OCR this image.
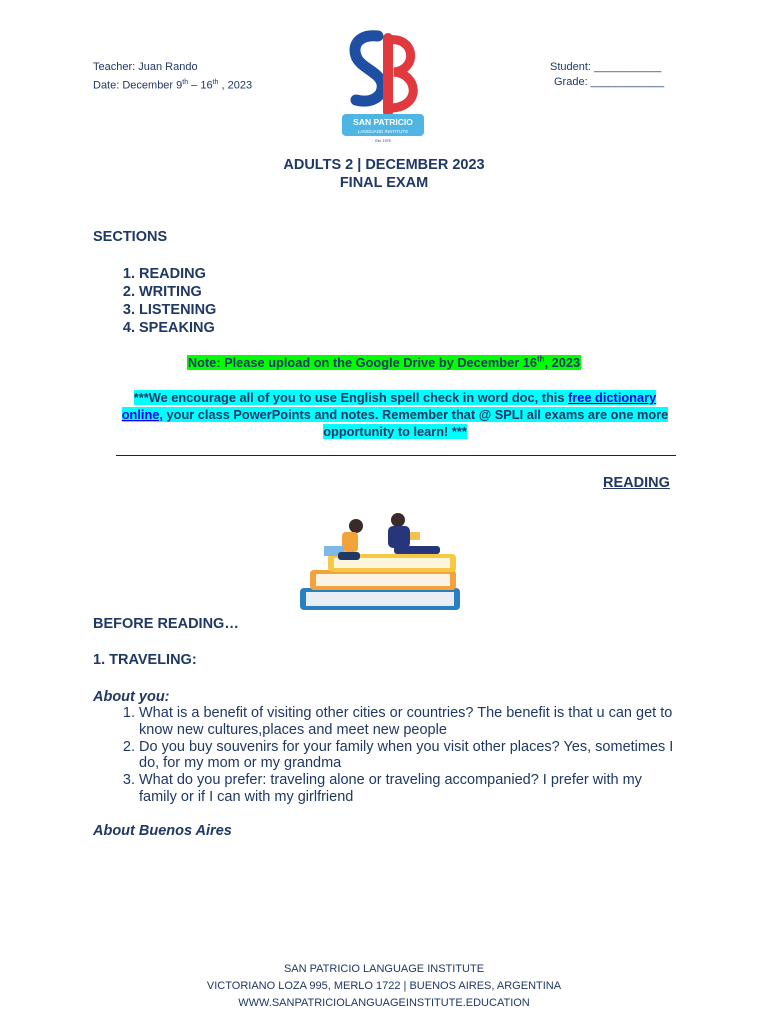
Teacher: Juan Rando
Date: December 9th – 16th , 2023
Student: ___________
Grade: ____________
SAN PATRICIO
LANGUAGE INSTITUTE
Est. 1975
ADULTS 2 | DECEMBER 2023
FINAL EXAM
SECTIONS
1. READING
2. WRITING
3. LISTENING
4. SPEAKING
Note: Please upload on the Google Drive by December 16th, 2023
***We encourage all of you to use English spell check in word doc, this free dictionary online, your class PowerPoints and notes. Remember that @ SPLI all exams are one more opportunity to learn! ***
READING
BEFORE READING…
1. TRAVELING:
About you:
1. What is a benefit of visiting other cities or countries? The benefit is that u can get to know new cultures,places and meet new people
2. Do you buy souvenirs for your family when you visit other places? Yes, sometimes I do, for my mom or my grandma
3. What do you prefer: traveling alone or traveling accompanied? I prefer with my family or if I can with my girlfriend
About Buenos Aires
SAN PATRICIO LANGUAGE INSTITUTE
VICTORIANO LOZA 995, MERLO 1722 | BUENOS AIRES, ARGENTINA
WWW.SANPATRICIOLANGUAGEINSTITUTE.EDUCATION
